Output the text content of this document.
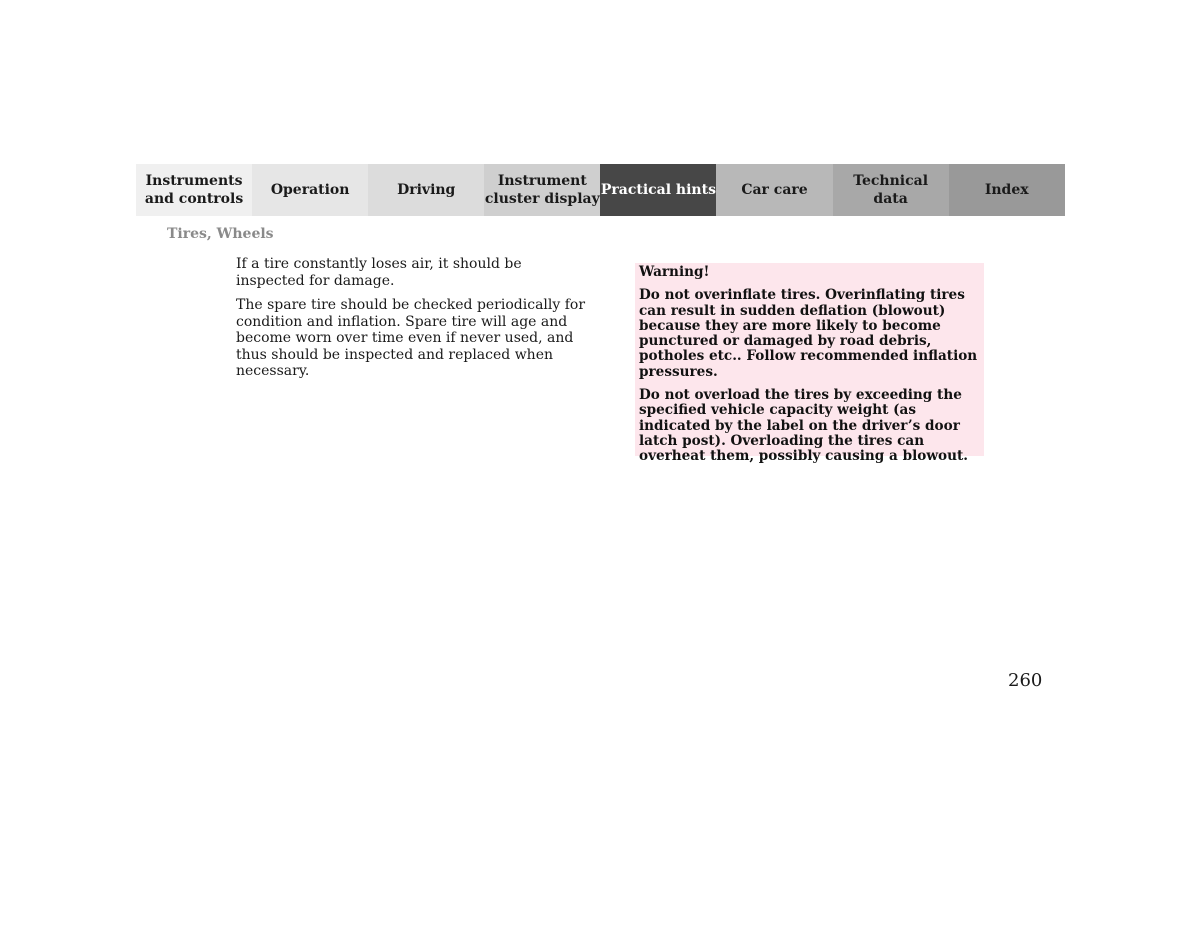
Instruments
and controls
Operation	Driving
Instrument
cluster display
Practical hints	Car care
Technical
data
Index
Tires, Wheels

If a tire constantly loses air, it should be inspected for damage.

The spare tire should be checked periodically for condition and inflation. Spare tire will age and become worn over time even if never used, and thus should be inspected and replaced when necessary.

Warning!

Do not overinflate tires. Overinflating tires can result in sudden deflation (blowout) because they are more likely to become punctured or damaged by road debris, potholes etc.. Follow recommended inflation pressures.

Do not overload the tires by exceeding the specified vehicle capacity weight (as indicated by the label on the driver’s door latch post). Overloading the tires can overheat them, possibly causing a blowout.

260
